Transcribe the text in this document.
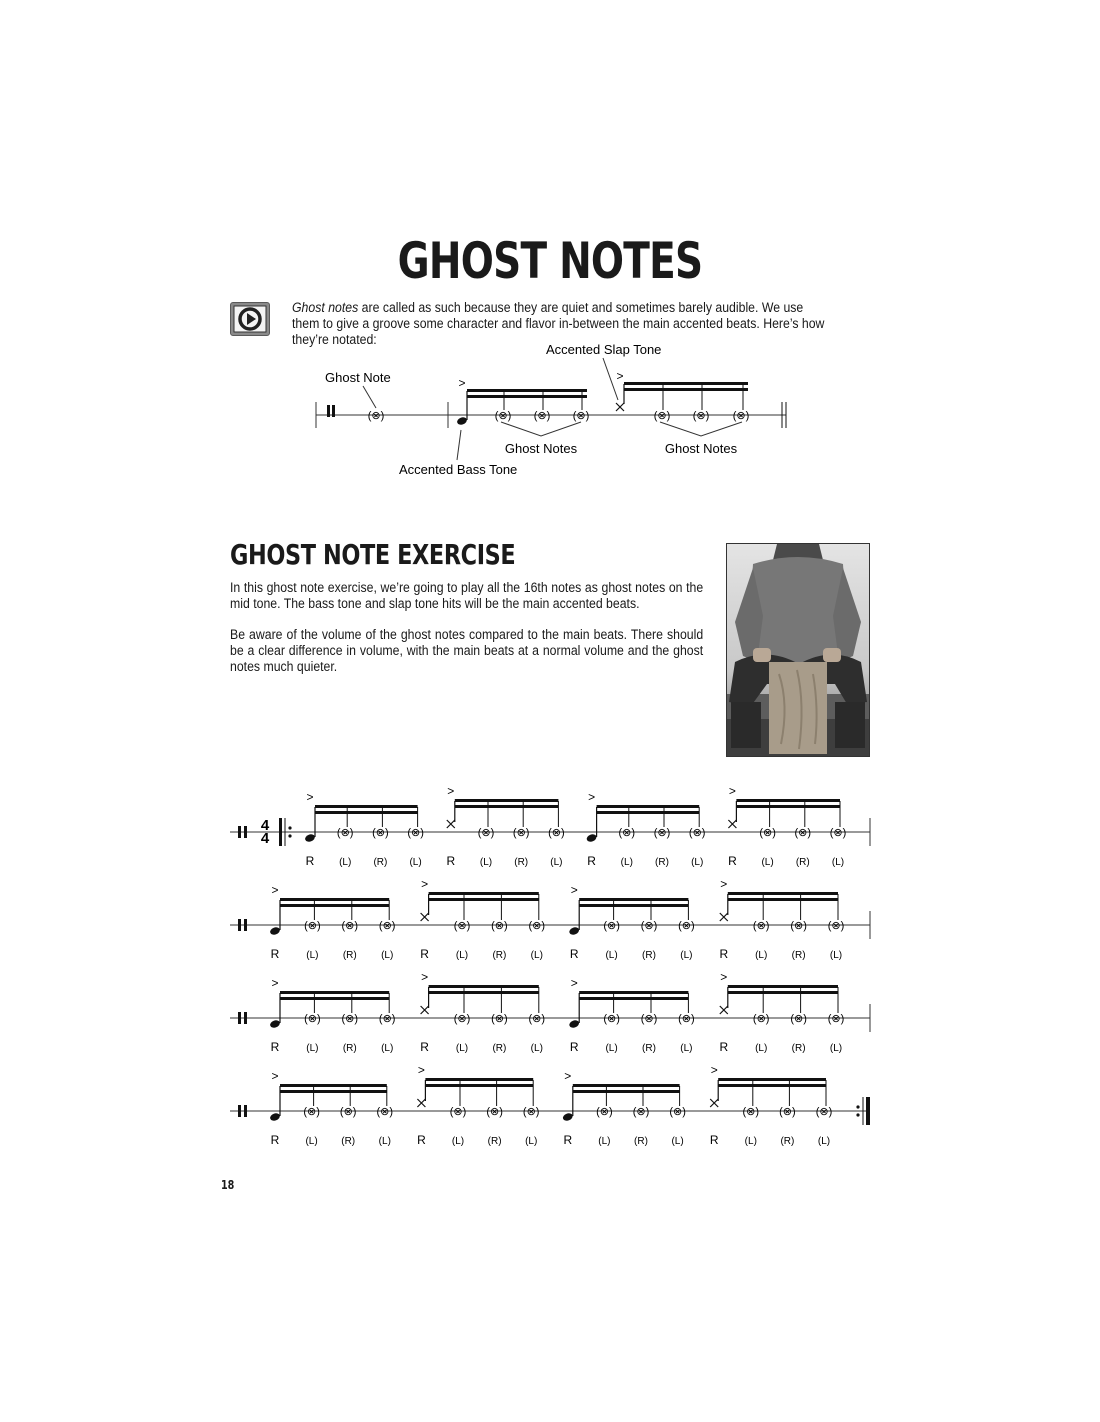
GHOST NOTES

Ghost notes are called as such because they are quiet and sometimes barely audible. We use them to give a groove some character and flavor in-between the main accented beats. Here’s how they’re notated:

(⊗)
>
(⊗) (⊗) (⊗)
>
(⊗) (⊗) (⊗)
Ghost Note
Accented Slap Tone
Ghost Notes	Ghost Notes
Accented Bass Tone
GHOST NOTE EXERCISE

In this ghost note exercise, we’re going to play all the 16th notes as ghost notes on the mid tone. The bass tone and slap tone hits will be the main accented beats.

Be aware of the volume of the ghost notes compared to the main beats. There should be a clear difference in volume, with the main beats at a normal volume and the ghost notes much quieter.

4
4
>
(⊗) (⊗) (⊗)
R (L) (R) (L)
>
(⊗) (⊗) (⊗)
R (L) (R) (L)
>
(⊗) (⊗) (⊗)
R (L) (R) (L)
>
(⊗) (⊗) (⊗)
R (L) (R) (L)
>
(⊗) (⊗) (⊗)
R	(L) (R) (L)
>
(⊗) (⊗) (⊗)
R	(L) (R) (L)
>
(⊗) (⊗) (⊗)
R	(L) (R) (L)
>
(⊗) (⊗) (⊗)
R	(L) (R) (L)
>
(⊗) (⊗) (⊗)
R	(L) (R) (L)
>
(⊗) (⊗) (⊗)
R	(L) (R) (L)
>
(⊗) (⊗) (⊗)
R	(L) (R) (L)
>
(⊗) (⊗) (⊗)
R	(L) (R) (L)
>
(⊗) (⊗) (⊗)
R	(L) (R) (L)
>
(⊗) (⊗) (⊗)
R	(L) (R) (L)
>
(⊗) (⊗) (⊗)
R	(L) (R) (L)
>
(⊗) (⊗) (⊗)
R	(L) (R) (L)
18
